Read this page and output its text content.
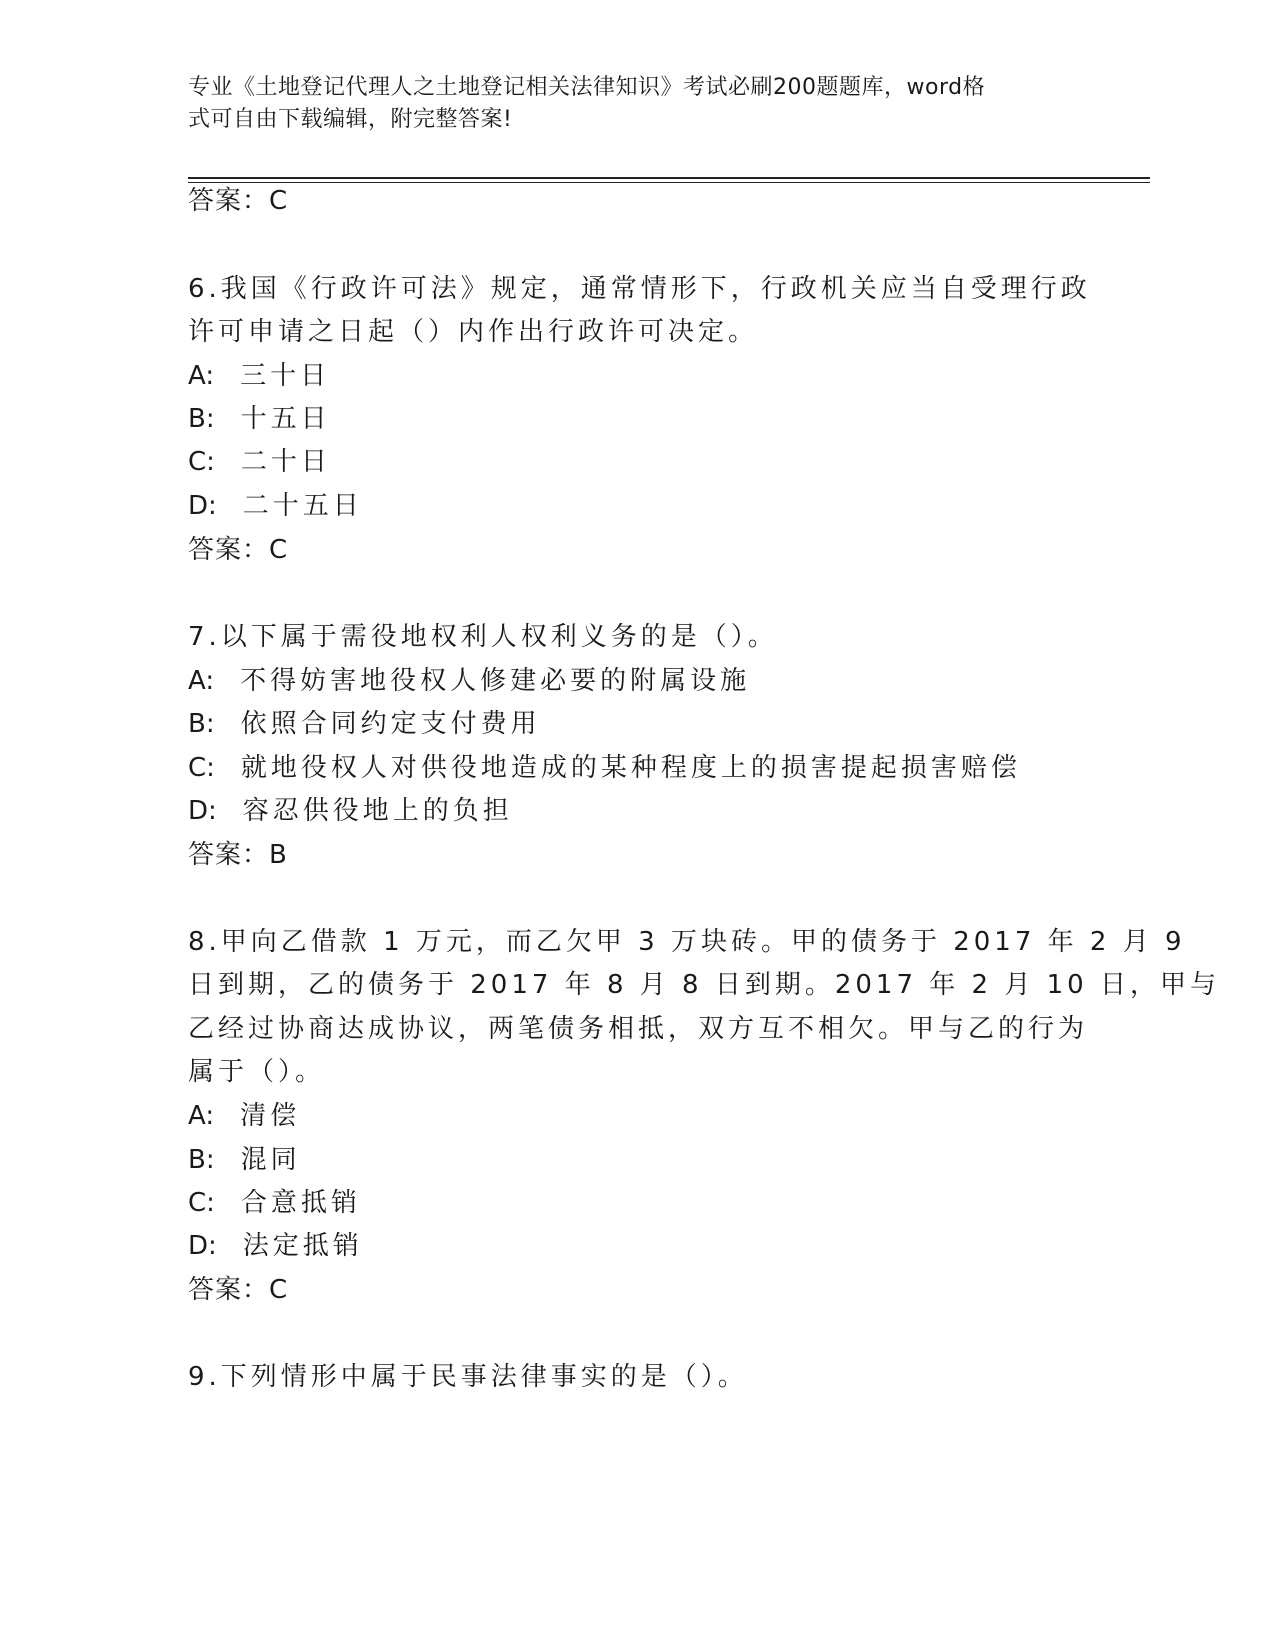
专业《土地登记代理人之土地登记相关法律知识》考试必刷200题题库，word格
式可自由下载编辑，附完整答案!
答案：C
6.我国《行政许可法》规定，通常情形下，行政机关应当自受理行政
许可申请之日起（）内作出行政许可决定。
A: 三十日
B: 十五日
C: 二十日
D: 二十五日
答案：C
7.以下属于需役地权利人权利义务的是（）。
A: 不得妨害地役权人修建必要的附属设施
B: 依照合同约定支付费用
C: 就地役权人对供役地造成的某种程度上的损害提起损害赔偿
D: 容忍供役地上的负担
答案：B
8.甲向乙借款 1 万元，而乙欠甲 3 万块砖。甲的债务于 2017 年 2 月 9
日到期，乙的债务于 2017 年 8 月 8 日到期。2017 年 2 月 10 日，甲与
乙经过协商达成协议，两笔债务相抵，双方互不相欠。甲与乙的行为
属于（）。
A: 清偿
B: 混同
C: 合意抵销
D: 法定抵销
答案：C
9.下列情形中属于民事法律事实的是（）。
